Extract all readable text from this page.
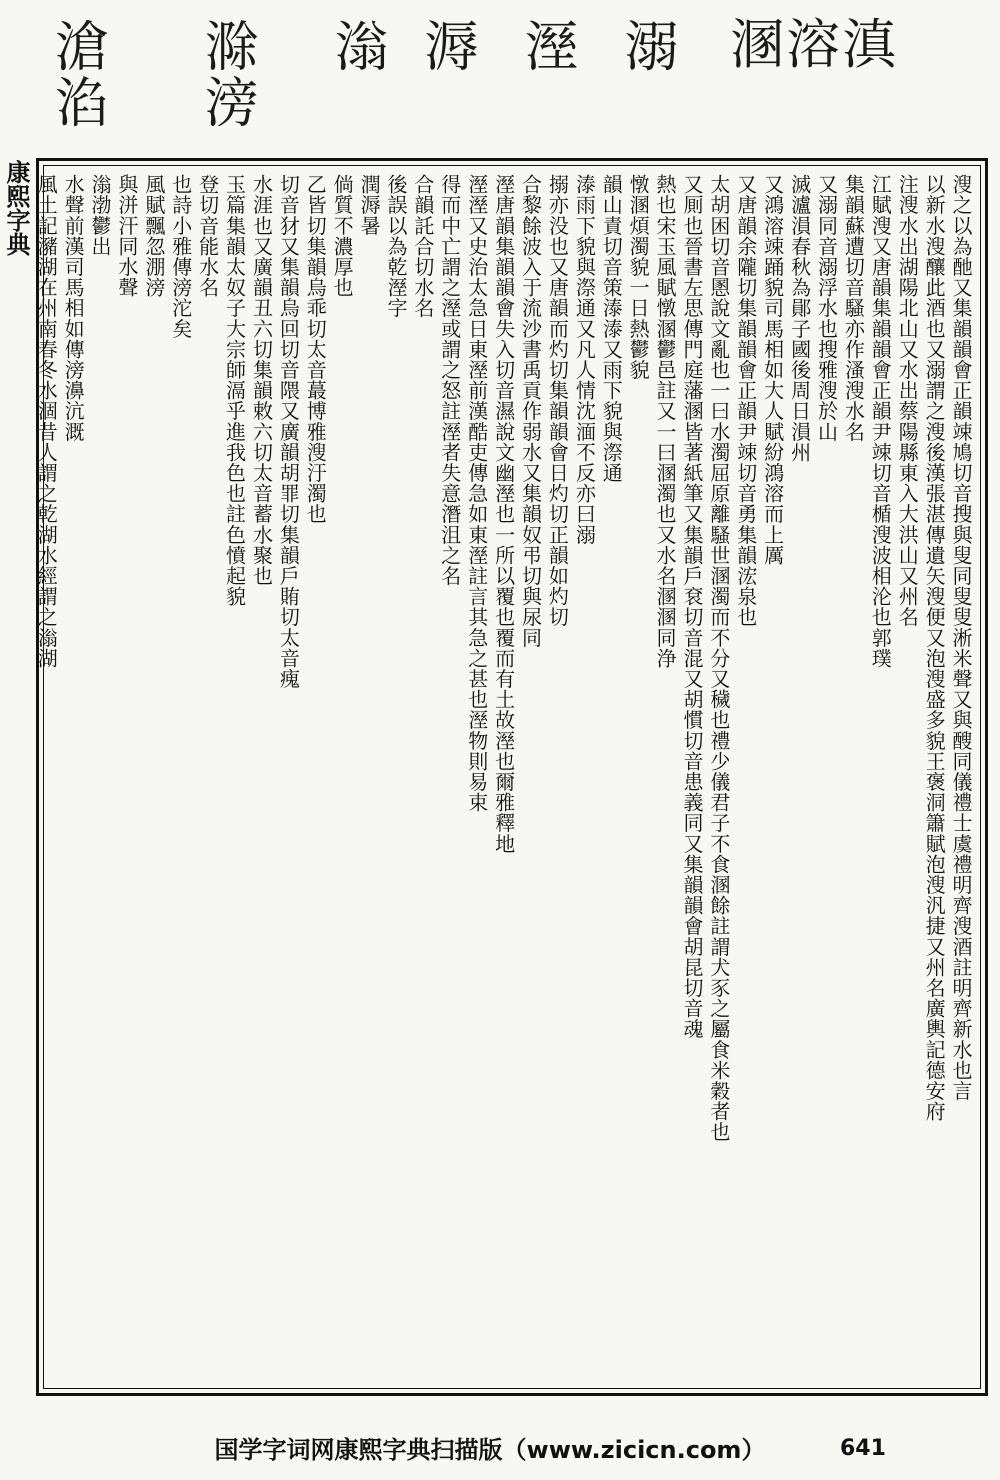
滄淊 滁滂 滃 溽 溼 溺 溷溶滇
康熙字典	溲之以為酏又集韻韻會正韻竦鳩切音搜與叟同叟叟淅米聲又與醙同儀禮士虞禮明齊溲酒註明齊新水也言
以新水溲釀此酒也又溺謂之溲後漢張湛傳遺矢溲便又泡溲盛多貌王褒洞簫賦泡溲汎捷又州名廣輿記德安府
注溲水出湖陽北山又水出蔡陽縣東入大洪山又州名
江賦溲又唐韻集韻韻會正韻尹竦切音楯溲波相沦也郭璞
集韻蘇遭切音騷亦作溞溲水名
又溺同音溺浮水也搜雅溲於山
滅瀘溳春秋為鄖子國後周日溳州
又鴻溶竦踊貌司馬相如大人賦紛鴻溶而上厲
又唐韻余隴切集韻韻會正韻尹竦切音勇集韻浤泉也
太胡困切音慁說文亂也一曰水濁屈原離騷世溷濁而不分又穢也禮少儀君子不食溷餘註謂犬豕之屬食米穀者也
又厠也晉書左思傳門庭藩溷皆著紙筆又集韻戶袞切音混又胡慣切音患義同又集韻韻會胡昆切音魂
熱也宋玉風賦憞溷鬱邑註又一曰溷濁也又水名溷溷同浄
憞溷煩濁貌一日熱鬱貌
韻山責切音策溙溙又雨下貌與漈通
溙雨下貌與漈通又凡人情沈湎不反亦曰溺
搦亦没也又唐韻而灼切集韻韻會日灼切正韻如灼切
合黎餘波入于流沙書禹貢作弱水又集韻奴弔切與尿同
溼唐韻集韻韻會失入切音濕說文幽溼也一所以覆也覆而有土故溼也爾雅釋地
溼溼又史治太急日東溼前漢酷吏傳急如東溼註言其急之甚也溼物則易束
得而中亡謂之溼或謂之怒註溼者失意潛沮之名
合韻託合切水名
後誤以為乾溼字
潤溽暑
倘質不濃厚也
乙皆切集韻烏乖切太音蕞博雅溲汙濁也
切音犲又集韻烏回切音隈又廣韻胡罪切集韻戶賄切太音瘣
水涯也又廣韻丑六切集韻敕六切太音蓄水聚也
玉篇集韻太奴子大宗師滆乎進我色也註色憤起貌
登切音能水名
也詩小雅傳滂沱矣
風賦飄忽淜滂
與洴汗同水聲
滃渤鬱出
水聲前漢司馬相如傳滂濞沆溉
風土記瀦湖在州南春冬水涸昔人謂之乾湖水經謂之滃湖
国学字词网康熙字典扫描版（www.zicicn.com）	641
